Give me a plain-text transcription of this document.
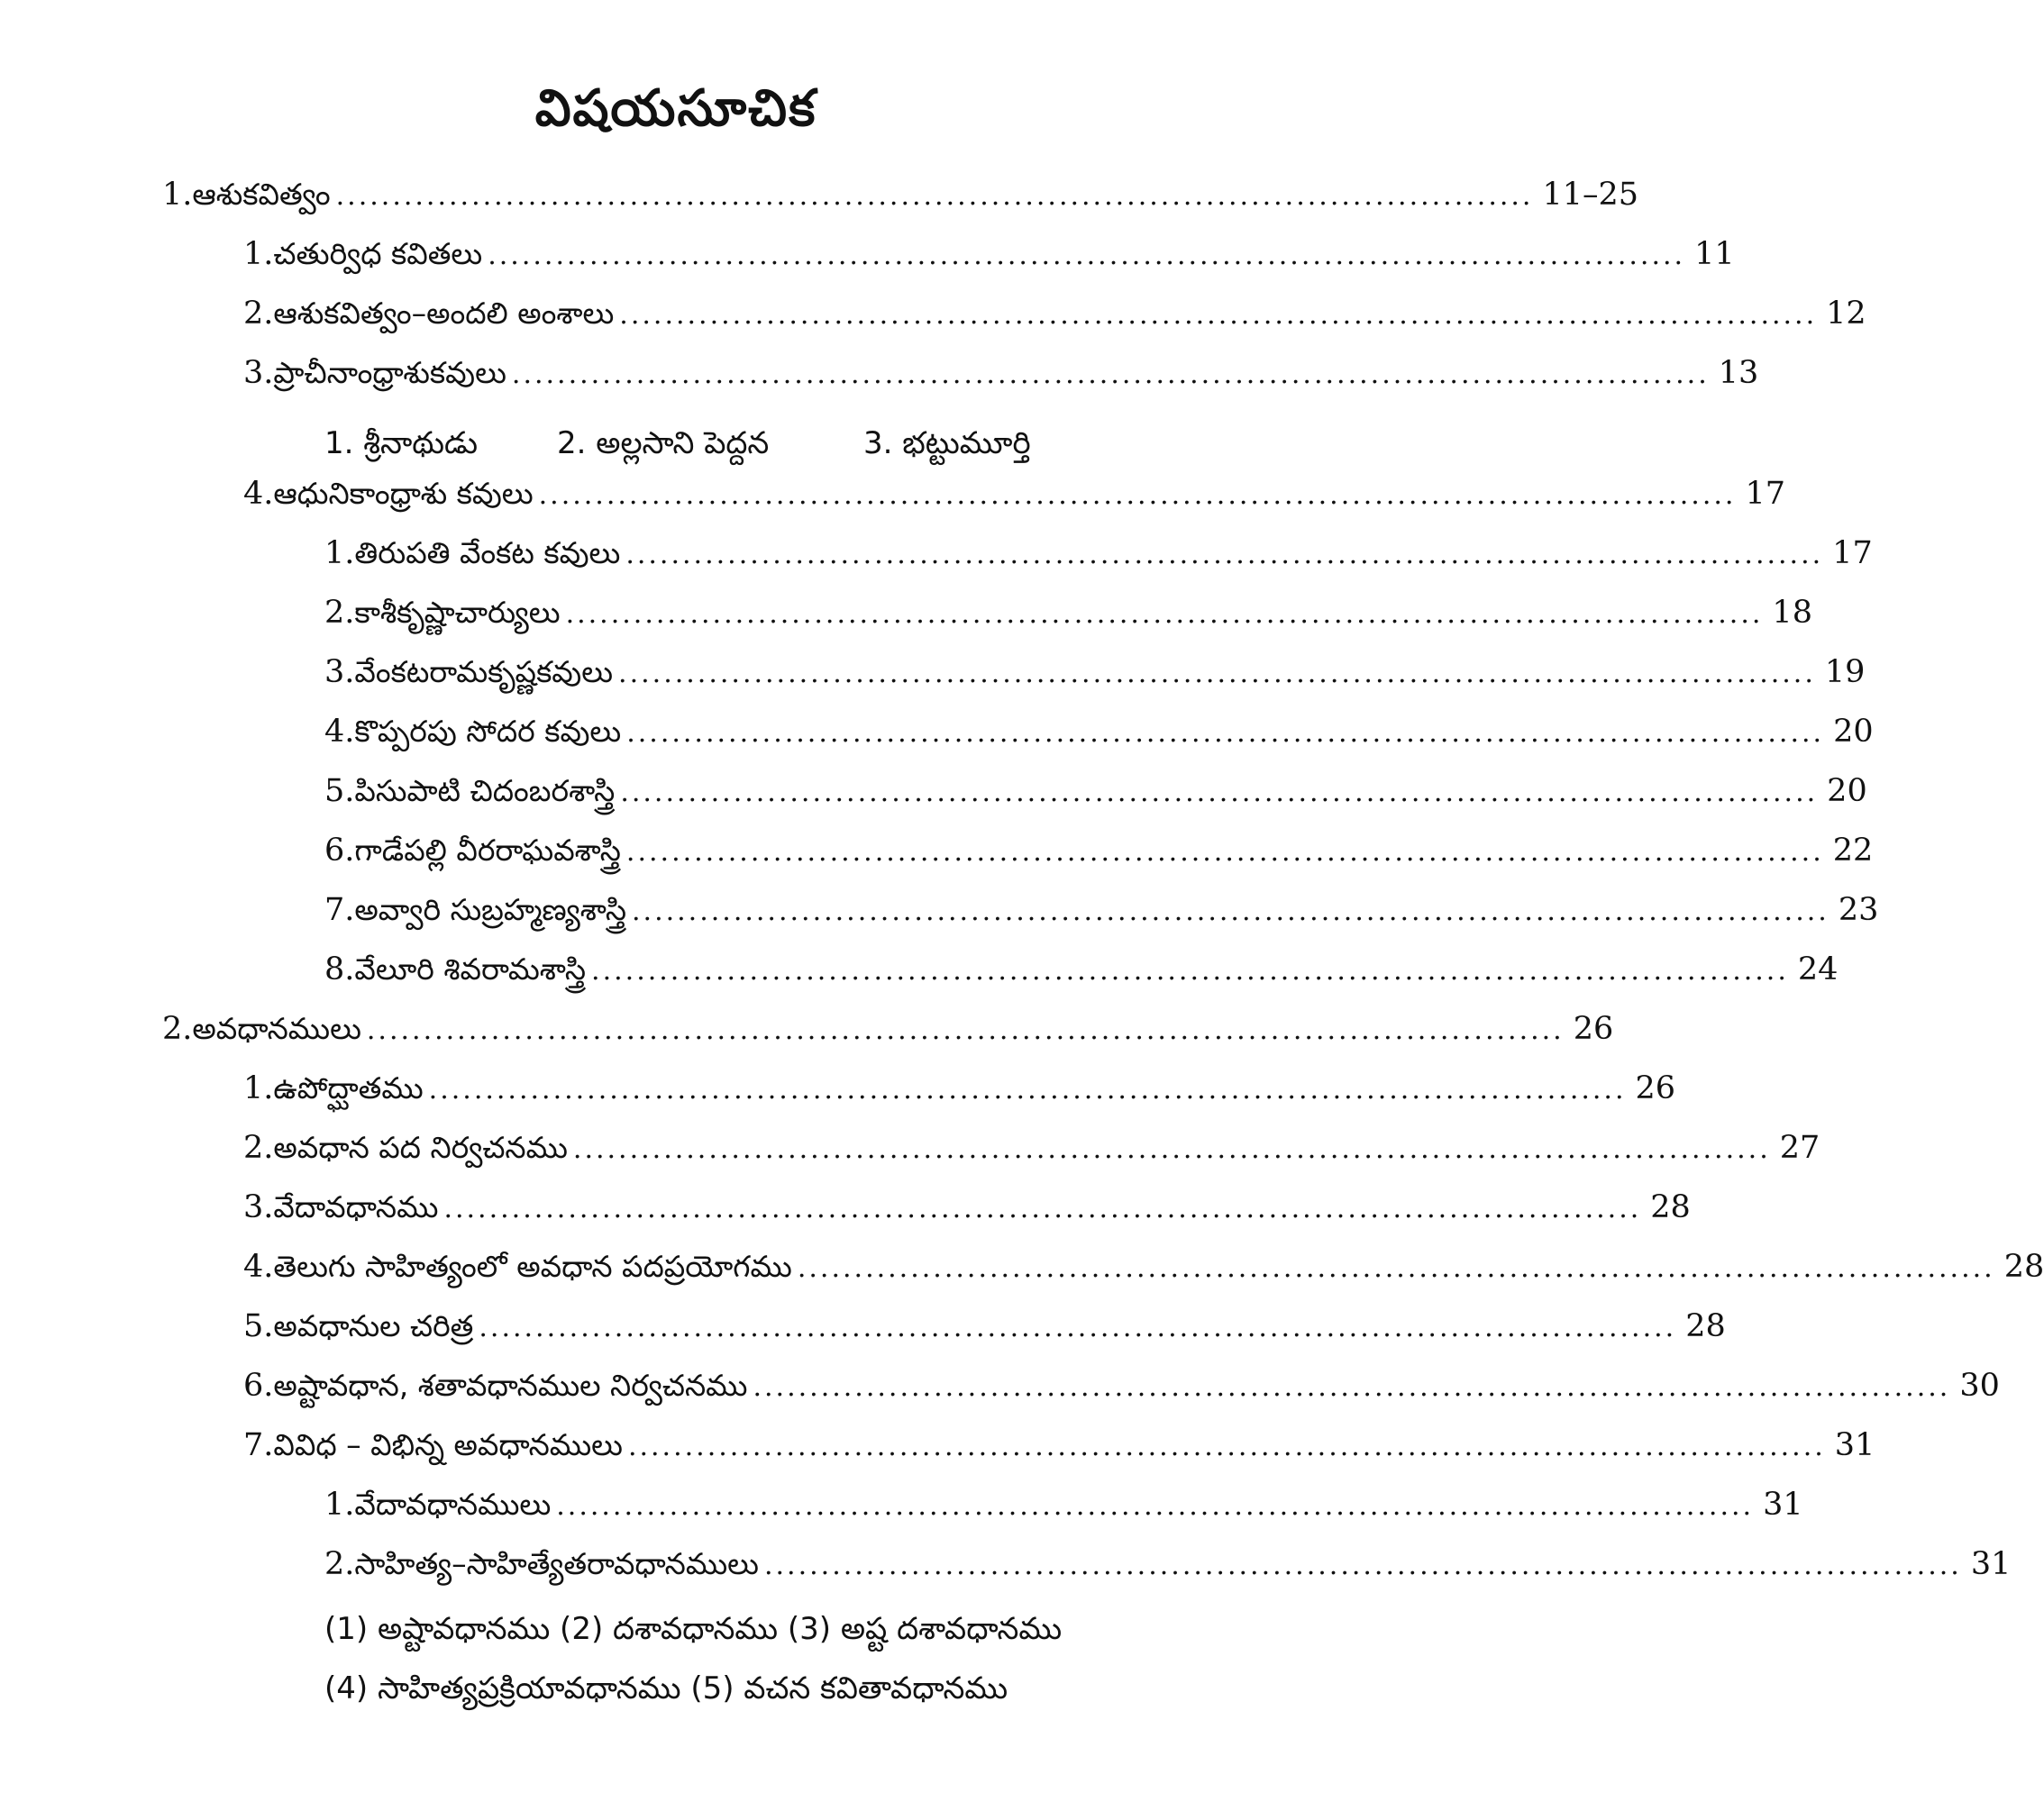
విషయసూచిక
1. ఆశుకవిత్వం .......................................................................................................... 11–25
1. చతుర్విధ కవితలు .......................................................................................................... 11
2. ఆశుకవిత్వం–అందలి అంశాలు .......................................................................................................... 12
3. ప్రాచీనాంధ్రాశుకవులు .......................................................................................................... 13
1. శ్రీనాథుడు	2. అల్లసాని పెద్దన	3. భట్టుమూర్తి
4. ఆధునికాంధ్రాశు కవులు .......................................................................................................... 17
1. తిరుపతి వేంకట కవులు .......................................................................................................... 17
2. కాశీకృష్ణాచార్యులు .......................................................................................................... 18
3. వేంకటరామకృష్ణకవులు .......................................................................................................... 19
4. కొప్పరపు సోదర కవులు .......................................................................................................... 20
5. పిసుపాటి చిదంబరశాస్త్రి .......................................................................................................... 20
6. గాడేపల్లి వీరరాఘవశాస్త్రి .......................................................................................................... 22
7. అవ్వారి సుబ్రహ్మణ్యశాస్త్రి .......................................................................................................... 23
8. వేలూరి శివరామశాస్త్రి .......................................................................................................... 24
2. అవధానములు .......................................................................................................... 26
1. ఉపోద్ఘాతము .......................................................................................................... 26
2. అవధాన పద నిర్వచనము .......................................................................................................... 27
3. వేదావధానము .......................................................................................................... 28
4. తెలుగు సాహిత్యంలో అవధాన పదప్రయోగము .......................................................................................................... 28
5. అవధానుల చరిత్ర .......................................................................................................... 28
6. అష్టావధాన, శతావధానముల నిర్వచనము .......................................................................................................... 30
7. వివిధ – విభిన్న అవధానములు .......................................................................................................... 31
1. వేదావధానములు .......................................................................................................... 31
2. సాహిత్య–సాహిత్యేతరావధానములు .......................................................................................................... 31
(1) అష్టావధానము (2) దశావధానము (3) అష్ట దశావధానము
(4) సాహిత్యప్రక్రియావధానము (5) వచన కవితావధానము
